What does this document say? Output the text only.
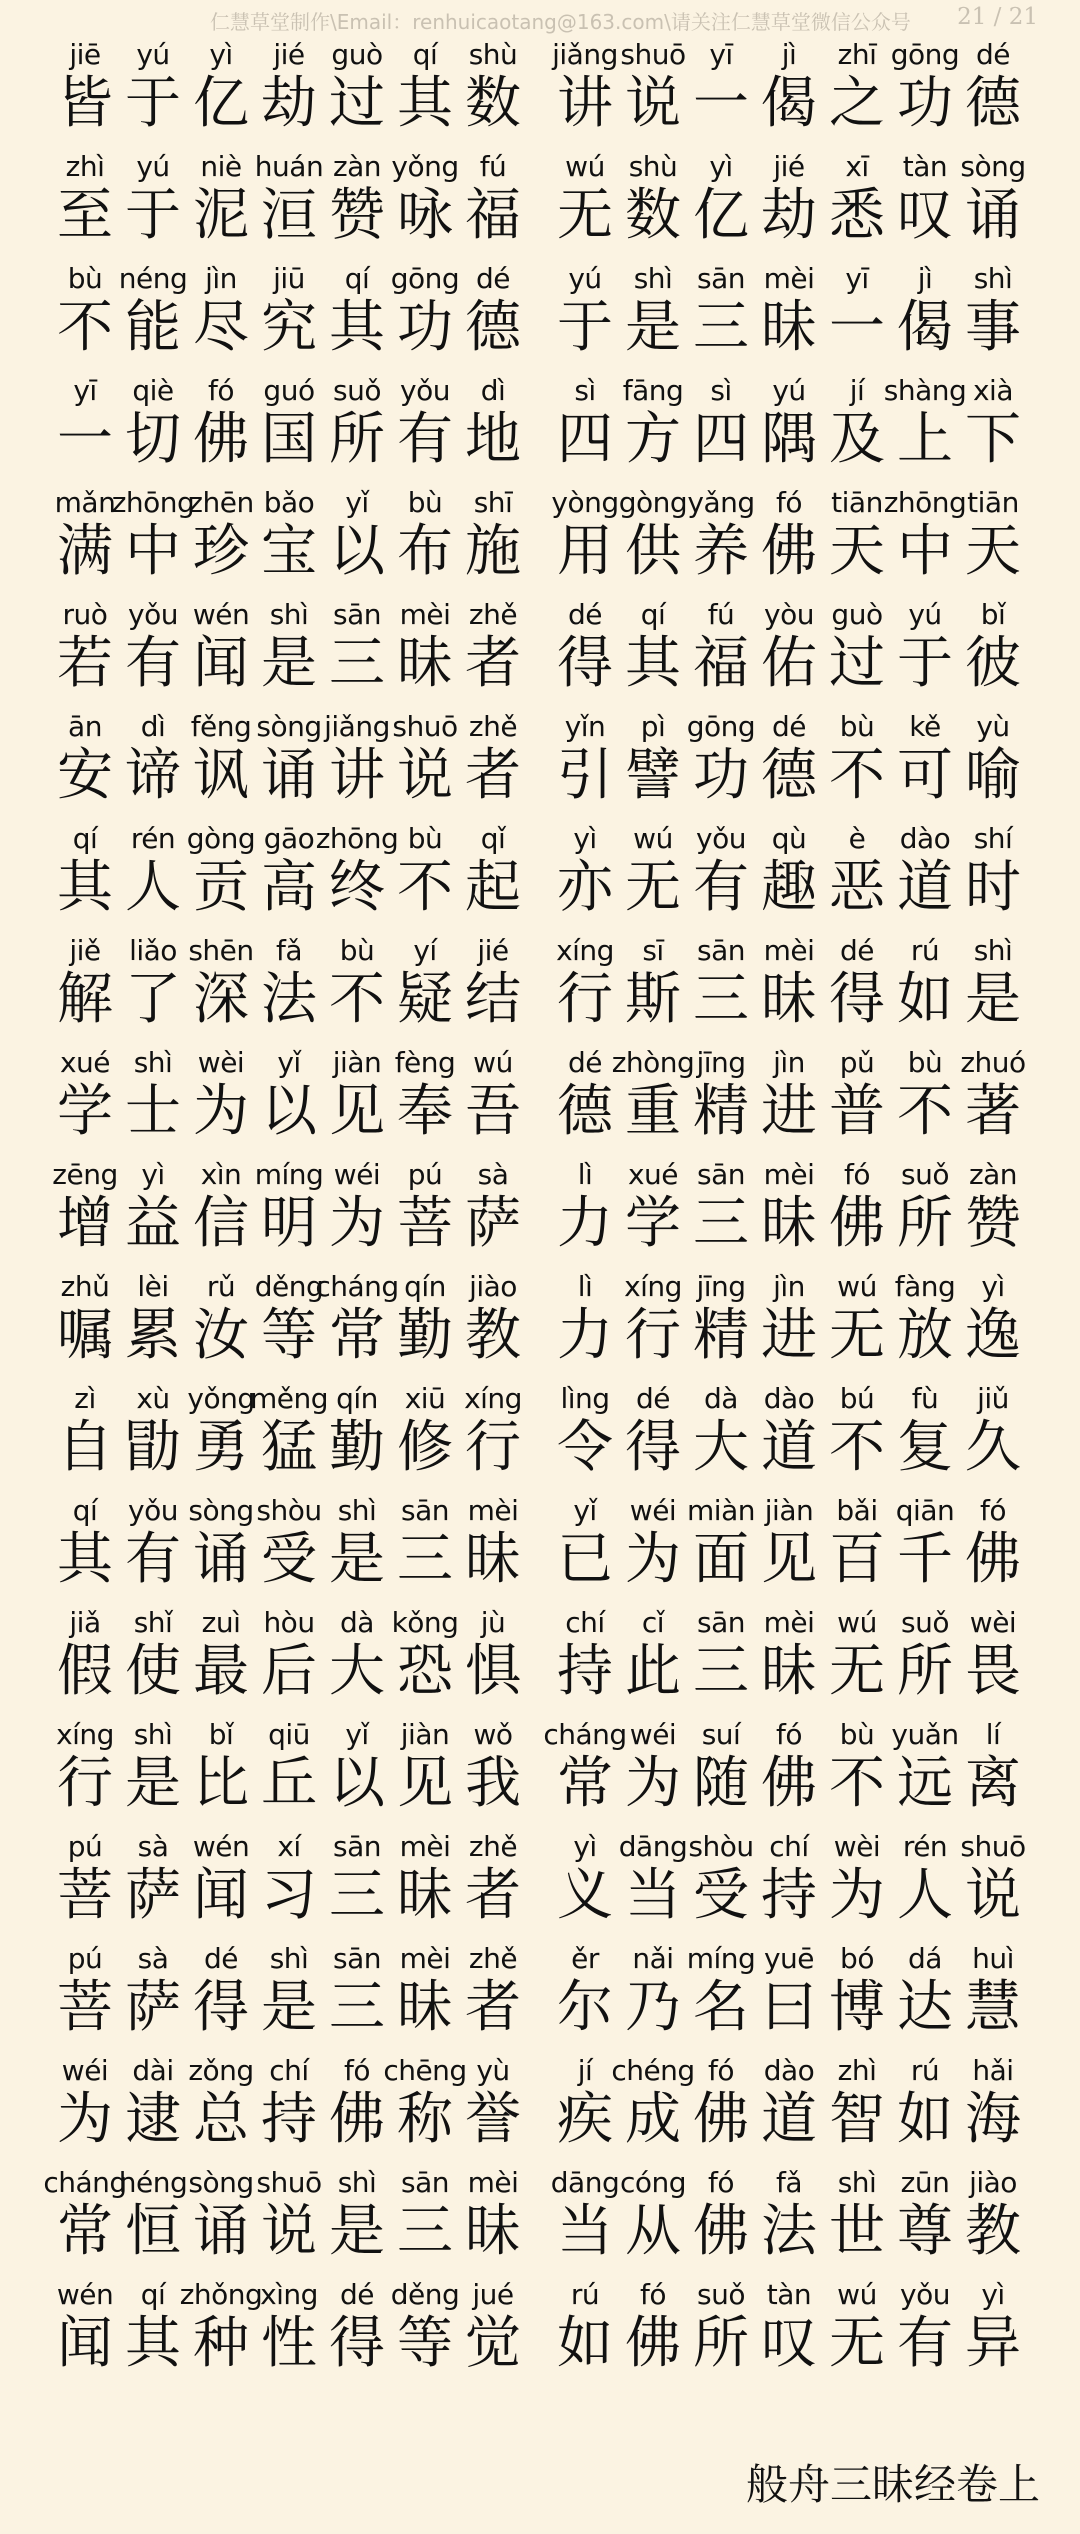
仁慧草堂制作\Email：renhuicaotang@163.com\请关注仁慧草堂微信公众号 21 / 21
jiē
皆
yú
于
yì
亿
jié
劫
guò
过
qí
其
shù
数
jiǎng
讲
shuō
说
yī
一
jì
偈
zhī
之
gōng
功
dé
德
zhì
至
yú
于
niè
泥
huán
洹
zàn
赞
yǒng
咏
fú
福
wú
无
shù
数
yì
亿
jié
劫
xī
悉
tàn
叹
sòng
诵
bù
不
néng
能
jìn
尽
jiū
究
qí
其
gōng
功
dé
德
yú
于
shì
是
sān
三
mèi
昧
yī
一
jì
偈
shì
事
yī
一
qiè
切
fó
佛
guó
国
suǒ
所
yǒu
有
dì
地
sì
四
fāng
方
sì
四
yú
隅
jí
及
shàng
上
xià
下
mǎn
满
zhōng
中
zhēn
珍
bǎo
宝
yǐ
以
bù
布
shī
施
yòng
用
gòng
供
yǎng
养
fó
佛
tiān
天
zhōng
中
tiān
天
ruò
若
yǒu
有
wén
闻
shì
是
sān
三
mèi
昧
zhě
者
dé
得
qí
其
fú
福
yòu
佑
guò
过
yú
于
bǐ
彼
ān
安
dì
谛
fěng
讽
sòng
诵
jiǎng
讲
shuō
说
zhě
者
yǐn
引
pì
譬
gōng
功
dé
德
bù
不
kě
可
yù
喻
qí
其
rén
人
gòng
贡
gāo
高
zhōng
终
bù
不
qǐ
起
yì
亦
wú
无
yǒu
有
qù
趣
è
恶
dào
道
shí
时
jiě
解
liǎo
了
shēn
深
fǎ
法
bù
不
yí
疑
jié
结
xíng
行
sī
斯
sān
三
mèi
昧
dé
得
rú
如
shì
是
xué
学
shì
士
wèi
为
yǐ
以
jiàn
见
fèng
奉
wú
吾
dé
德
zhòng
重
jīng
精
jìn
进
pǔ
普
bù
不
zhuó
著
zēng
增
yì
益
xìn
信
míng
明
wéi
为
pú
菩
sà
萨
lì
力
xué
学
sān
三
mèi
昧
fó
佛
suǒ
所
zàn
赞
zhǔ
嘱
lèi
累
rǔ
汝
děng
等
cháng
常
qín
勤
jiào
教
lì
力
xíng
行
jīng
精
jìn
进
wú
无
fàng
放
yì
逸
zì
自
xù
勖
yǒng
勇
měng
猛
qín
勤
xiū
修
xíng
行
lìng
令
dé
得
dà
大
dào
道
bú
不
fù
复
jiǔ
久
qí
其
yǒu
有
sòng
诵
shòu
受
shì
是
sān
三
mèi
昧
yǐ
已
wéi
为
miàn
面
jiàn
见
bǎi
百
qiān
千
fó
佛
jiǎ
假
shǐ
使
zuì
最
hòu
后
dà
大
kǒng
恐
jù
惧
chí
持
cǐ
此
sān
三
mèi
昧
wú
无
suǒ
所
wèi
畏
xíng
行
shì
是
bǐ
比
qiū
丘
yǐ
以
jiàn
见
wǒ
我
cháng
常
wéi
为
suí
随
fó
佛
bù
不
yuǎn
远
lí
离
pú
菩
sà
萨
wén
闻
xí
习
sān
三
mèi
昧
zhě
者
yì
义
dāng
当
shòu
受
chí
持
wèi
为
rén
人
shuō
说
pú
菩
sà
萨
dé
得
shì
是
sān
三
mèi
昧
zhě
者
ěr
尔
nǎi
乃
míng
名
yuē
曰
bó
博
dá
达
huì
慧
wéi
为
dài
逮
zǒng
总
chí
持
fó
佛
chēng
称
yù
誉
jí
疾
chéng
成
fó
佛
dào
道
zhì
智
rú
如
hǎi
海
cháng
常
héng
恒
sòng
诵
shuō
说
shì
是
sān
三
mèi
昧
dāng
当
cóng
从
fó
佛
fǎ
法
shì
世
zūn
尊
jiào
教
wén
闻
qí
其
zhǒng
种
xìng
性
dé
得
děng
等
jué
觉
rú
如
fó
佛
suǒ
所
tàn
叹
wú
无
yǒu
有
yì
异
般舟三昧经卷上
